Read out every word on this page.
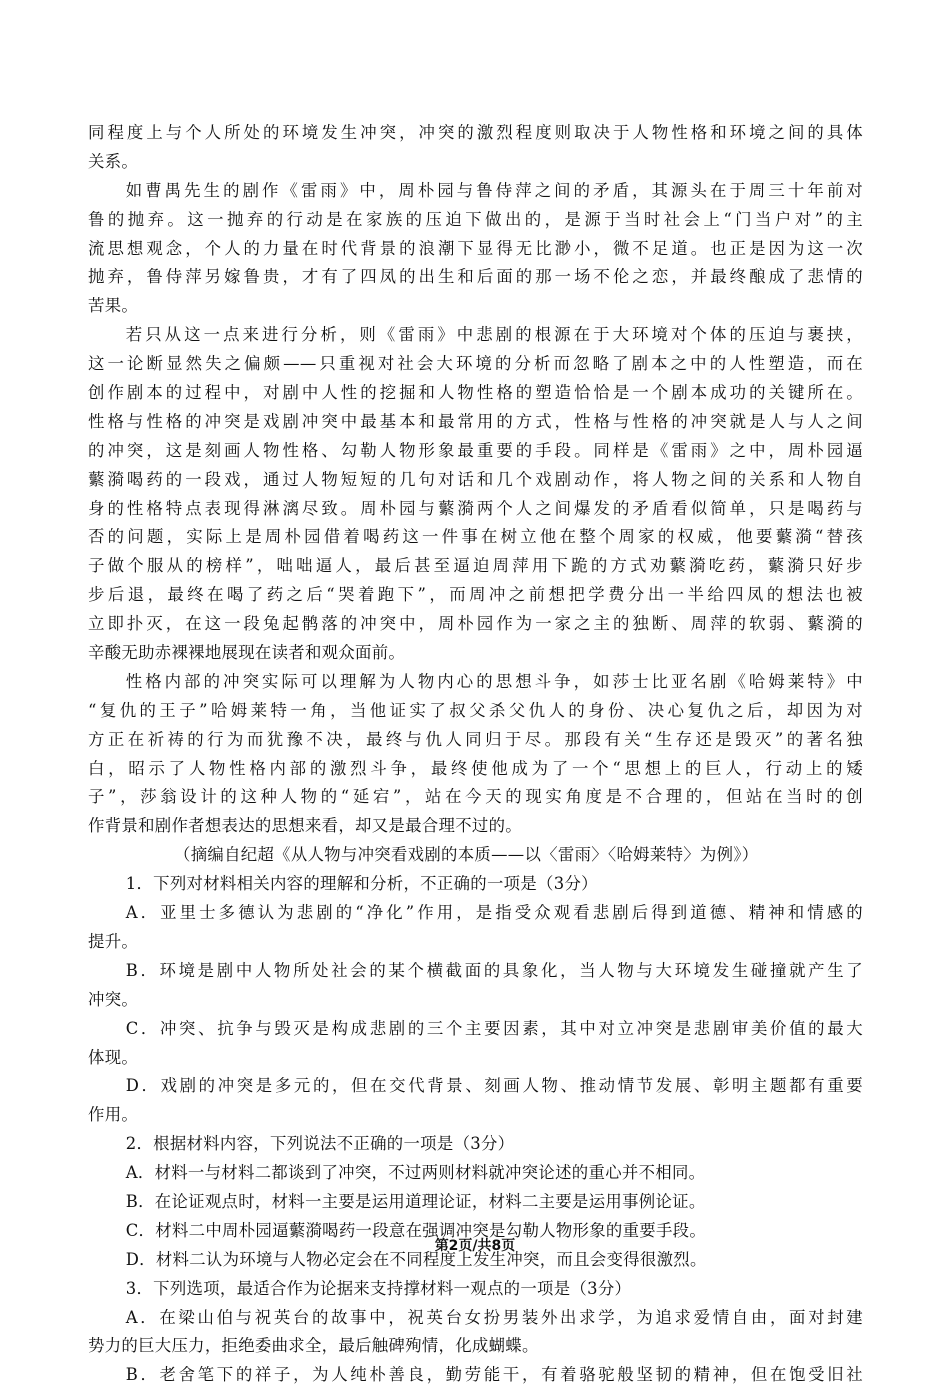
同程度上与个人所处的环境发生冲突，冲突的激烈程度则取决于人物性格和环境之间的具体

关系。

如曹禺先生的剧作《雷雨》中，周朴园与鲁侍萍之间的矛盾，其源头在于周三十年前对

鲁的抛弃。这一抛弃的行动是在家族的压迫下做出的，是源于当时社会上“门当户对”的主

流思想观念，个人的力量在时代背景的浪潮下显得无比渺小，微不足道。也正是因为这一次

抛弃，鲁侍萍另嫁鲁贵，才有了四凤的出生和后面的那一场不伦之恋，并最终酿成了悲情的

苦果。

若只从这一点来进行分析，则《雷雨》中悲剧的根源在于大环境对个体的压迫与裹挟，

这一论断显然失之偏颇——只重视对社会大环境的分析而忽略了剧本之中的人性塑造，而在

创作剧本的过程中，对剧中人性的挖掘和人物性格的塑造恰恰是一个剧本成功的关键所在。

性格与性格的冲突是戏剧冲突中最基本和最常用的方式，性格与性格的冲突就是人与人之间

的冲突，这是刻画人物性格、勾勒人物形象最重要的手段。同样是《雷雨》之中，周朴园逼

蘩漪喝药的一段戏，通过人物短短的几句对话和几个戏剧动作，将人物之间的关系和人物自

身的性格特点表现得淋漓尽致。周朴园与蘩漪两个人之间爆发的矛盾看似简单，只是喝药与

否的问题，实际上是周朴园借着喝药这一件事在树立他在整个周家的权威，他要蘩漪“替孩

子做个服从的榜样”，咄咄逼人，最后甚至逼迫周萍用下跪的方式劝蘩漪吃药，蘩漪只好步

步后退，最终在喝了药之后“哭着跑下”，而周冲之前想把学费分出一半给四凤的想法也被

立即扑灭，在这一段兔起鹘落的冲突中，周朴园作为一家之主的独断、周萍的软弱、蘩漪的

辛酸无助赤裸裸地展现在读者和观众面前。

性格内部的冲突实际可以理解为人物内心的思想斗争，如莎士比亚名剧《哈姆莱特》中

“复仇的王子”哈姆莱特一角，当他证实了叔父杀父仇人的身份、决心复仇之后，却因为对

方正在祈祷的行为而犹豫不决，最终与仇人同归于尽。那段有关“生存还是毁灭”的著名独

白，昭示了人物性格内部的激烈斗争，最终使他成为了一个“思想上的巨人，行动上的矮

子”，莎翁设计的这种人物的“延宕”，站在今天的现实角度是不合理的，但站在当时的创

作背景和剧作者想表达的思想来看，却又是最合理不过的。

（摘编自纪超《从人物与冲突看戏剧的本质——以〈雷雨〉〈哈姆莱特〉为例》）

1．下列对材料相关内容的理解和分析，不正确的一项是（3分）

A．亚里士多德认为悲剧的“净化”作用，是指受众观看悲剧后得到道德、精神和情感的

提升。

B．环境是剧中人物所处社会的某个横截面的具象化，当人物与大环境发生碰撞就产生了

冲突。

C．冲突、抗争与毁灭是构成悲剧的三个主要因素，其中对立冲突是悲剧审美价值的最大

体现。

D．戏剧的冲突是多元的，但在交代背景、刻画人物、推动情节发展、彰明主题都有重要

作用。

2．根据材料内容，下列说法不正确的一项是（3分）

A．材料一与材料二都谈到了冲突，不过两则材料就冲突论述的重心并不相同。

B．在论证观点时，材料一主要是运用道理论证，材料二主要是运用事例论证。

C．材料二中周朴园逼蘩漪喝药一段意在强调冲突是勾勒人物形象的重要手段。

D．材料二认为环境与人物必定会在不同程度上发生冲突，而且会变得很激烈。

3．下列选项，最适合作为论据来支持撑材料一观点的一项是（3分）

A．在梁山伯与祝英台的故事中，祝英台女扮男装外出求学，为追求爱情自由，面对封建

势力的巨大压力，拒绝委曲求全，最后触碑殉情，化成蝴蝶。

B．老舍笔下的祥子，为人纯朴善良，勤劳能干，有着骆驼般坚韧的精神，但在饱受旧社

第2页/共8页
